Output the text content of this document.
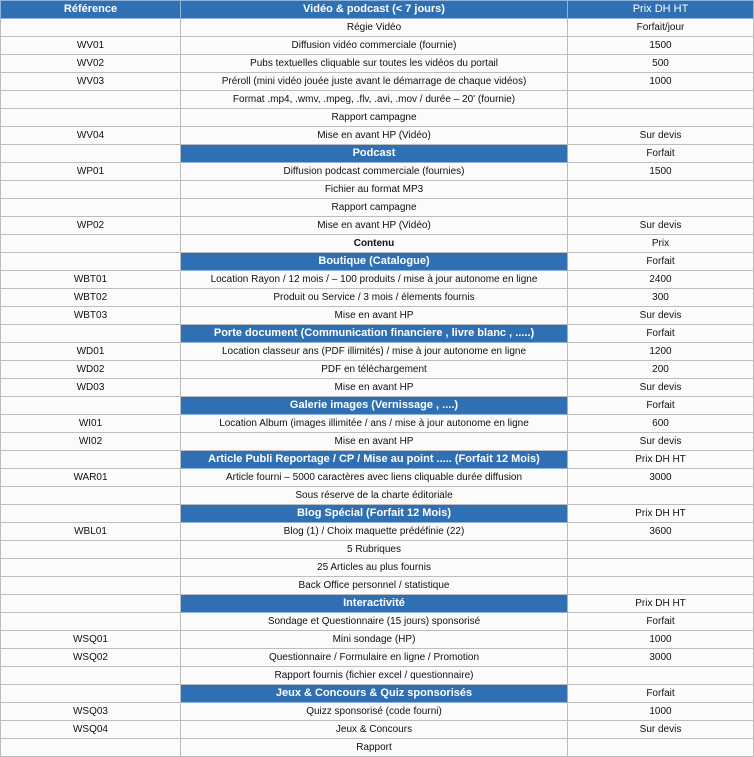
Référence	Vidéo & podcast (< 7 jours)	Prix DH HT
	Régie Vidéo	Forfait/jour
WV01	Diffusion vidéo commerciale (fournie)	1500
WV02	Pubs textuelles cliquable sur toutes les vidéos du portail	500
WV03	Préroll (mini vidéo jouée juste avant le démarrage de chaque vidéos)	1000
	Format .mp4, .wmv, .mpeg, .flv, .avi, .mov / durée – 20' (fournie)	
	Rapport campagne	
WV04	Mise en avant HP (Vidéo)	Sur devis
	Podcast	Forfait
WP01	Diffusion podcast commerciale (fournies)	1500
	Fichier au format MP3	
	Rapport campagne	
WP02	Mise en avant HP (Vidéo)	Sur devis
	Contenu	Prix
	Boutique (Catalogue)	Forfait
WBT01	Location Rayon / 12 mois / – 100 produits / mise à jour autonome en ligne	2400
WBT02	Produit ou Service / 3 mois / élements fournis	300
WBT03	Mise en avant HP	Sur devis
	Porte document (Communication financiere , livre blanc , .....)	Forfait
WD01	Location classeur ans (PDF illimités) / mise à jour autonome en ligne	1200
WD02	PDF en téléchargement	200
WD03	Mise en avant HP	Sur devis
	Galerie images (Vernissage , ....)	Forfait
WI01	Location Album (images illimitée / ans / mise à jour autonome en ligne	600
WI02	Mise en avant HP	Sur devis
	Article Publi Reportage / CP / Mise au point ..... (Forfait 12 Mois)	Prix DH HT
WAR01	Article fourni – 5000 caractères avec liens cliquable durée diffusion	3000
	Sous réserve de la charte éditoriale	
	Blog Spécial (Forfait 12 Mois)	Prix DH HT
WBL01	Blog (1) / Choix maquette prédéfinie (22)	3600
	5 Rubriques	
	25 Articles au plus fournis	
	Back Office personnel / statistique	
	Interactivité	Prix DH HT
	Sondage et Questionnaire (15 jours) sponsorisé	Forfait
WSQ01	Mini sondage (HP)	1000
WSQ02	Questionnaire / Formulaire en ligne / Promotion	3000
	Rapport fournis (fichier excel / questionnaire)	
	Jeux & Concours & Quiz sponsorisés	Forfait
WSQ03	Quizz sponsorisé (code fourni)	1000
WSQ04	Jeux & Concours	Sur devis
	Rapport	
